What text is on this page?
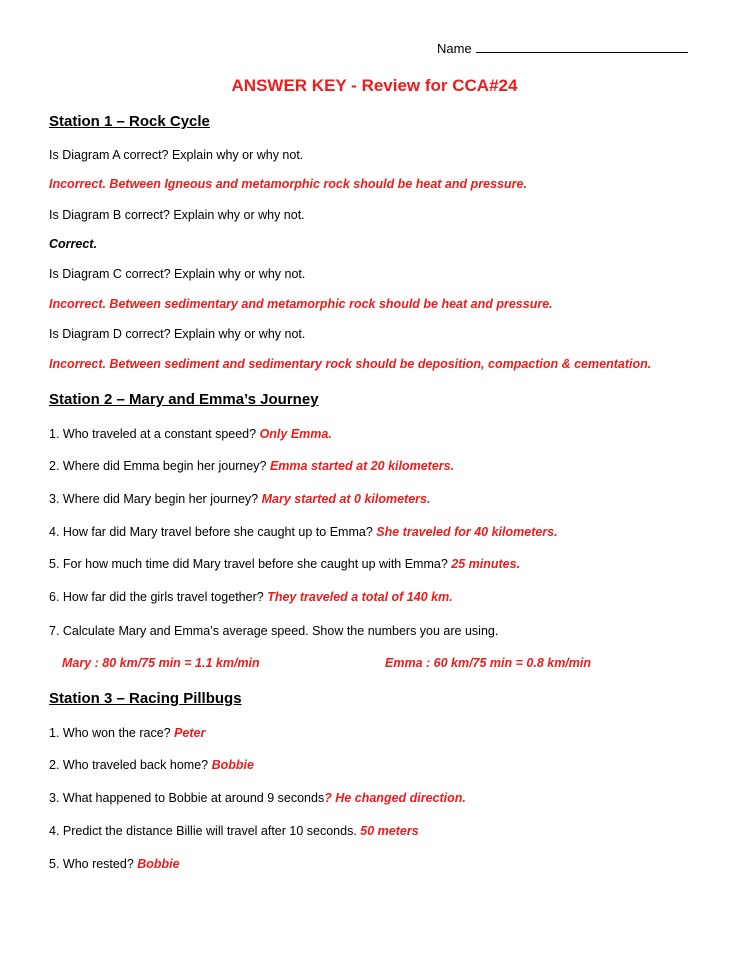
Name
ANSWER KEY - Review for CCA#24
Station 1 – Rock Cycle
Is Diagram A correct? Explain why or why not.
Incorrect. Between Igneous and metamorphic rock should be heat and pressure.
Is Diagram B correct? Explain why or why not.
Correct.
Is Diagram C correct? Explain why or why not.
Incorrect. Between sedimentary and metamorphic rock should be heat and pressure.
Is Diagram D correct? Explain why or why not.
Incorrect. Between sediment and sedimentary rock should be deposition, compaction & cementation.
Station 2 – Mary and Emma’s Journey
1. Who traveled at a constant speed? Only Emma.
2. Where did Emma begin her journey? Emma started at 20 kilometers.
3. Where did Mary begin her journey? Mary started at 0 kilometers.
4. How far did Mary travel before she caught up to Emma? She traveled for 40 kilometers.
5. For how much time did Mary travel before she caught up with Emma? 25 minutes.
6. How far did the girls travel together? They traveled a total of 140 km.
7. Calculate Mary and Emma’s average speed. Show the numbers you are using.
Mary : 80 km/75 min = 1.1 km/min	Emma : 60 km/75 min = 0.8 km/min
Station 3 – Racing Pillbugs
1. Who won the race? Peter
2. Who traveled back home? Bobbie
3. What happened to Bobbie at around 9 seconds? He changed direction.
4. Predict the distance Billie will travel after 10 seconds. 50 meters
5. Who rested? Bobbie
